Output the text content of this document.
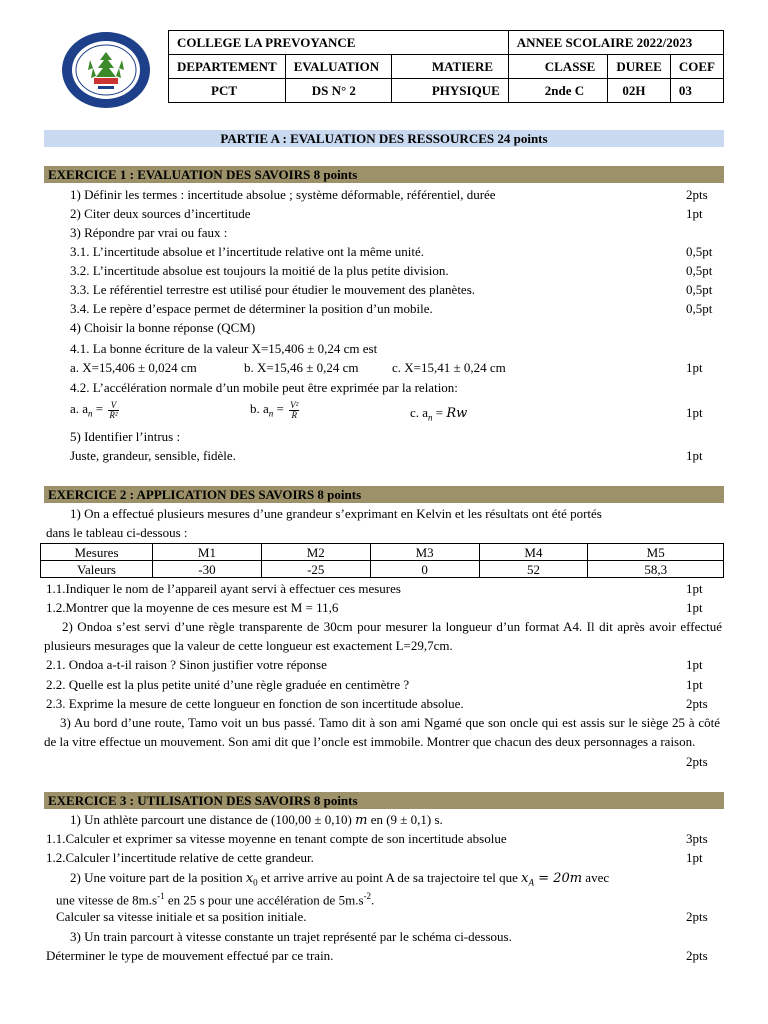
COLLEGE LA PREVOYANCE			ANNEE SCOLAIRE 2022/2023		
DEPARTEMENT	EVALUATION	MATIERE	CLASSE	DUREE	COEF
PCT	DS N° 2	PHYSIQUE	2nde C	02H	03
PARTIE A : EVALUATION DES RESSOURCES 24 points
EXERCICE 1 : EVALUATION DES SAVOIRS 8 points
1) Définir les termes : incertitude absolue ; système déformable, référentiel, durée	2pts
2) Citer deux sources d’incertitude	1pt
3) Répondre par vrai ou faux :
3.1. L’incertitude absolue et l’incertitude relative ont la même unité.	0,5pt
3.2. L’incertitude absolue est toujours la moitié de la plus petite division.	0,5pt
3.3. Le référentiel terrestre est utilisé pour étudier le mouvement des planètes.	0,5pt
3.4. Le repère d’espace permet de déterminer la position d’un mobile.	0,5pt
4) Choisir la bonne réponse (QCM)
4.1. La bonne écriture de la valeur X=15,406 ± 0,24 cm est
a. X=15,406 ± 0,024 cm	b. X=15,46 ± 0,24 cm	c. X=15,41 ± 0,24 cm	1pt
4.2. L’accélération normale d’un mobile peut être exprimée par la relation:
a. $a_n = \frac{V}{\text{R²}}$	b. $a_n = \frac{\text{V²}}{R}$	c. $a_n = Rw$	1pt
5) Identifier l’intrus :
Juste, grandeur, sensible, fidèle.	1pt
EXERCICE 2 : APPLICATION DES SAVOIRS 8 points
1) On a effectué plusieurs mesures d’une grandeur s’exprimant en Kelvin et les résultats ont été portés
dans le tableau ci-dessous :
Mesures	M1	M2	M3	M4	M5
Valeurs	-30	-25	0	52	58,3
1.1.Indiquer le nom de l’appareil ayant servi à effectuer ces mesures	1pt
1.2.Montrer que la moyenne de ces mesure est M = 11,6	1pt
2) Ondoa s’est servi d’une règle transparente de 30cm pour mesurer la longueur d’un format A4. Il dit après avoir effectué plusieurs mesurages que la valeur de cette longueur est exactement L=29,7cm.
2.1. Ondoa a-t-il raison ? Sinon justifier votre réponse	1pt
2.2. Quelle est la plus petite unité d’une règle graduée en centimètre ?	1pt
2.3. Exprime la mesure de cette longueur en fonction de son incertitude absolue.	2pts
3) Au bord d’une route, Tamo voit un bus passé. Tamo dit à son ami Ngamé que son oncle qui est assis sur le siège 25 à côté de la vitre effectue un mouvement. Son ami dit que l’oncle est immobile. Montrer que chacun des deux personnages a raison.
2pts
EXERCICE 3 : UTILISATION DES SAVOIRS 8 points
1) Un athlète parcourt une distance de (100,00 ± 0,10) m en (9 ± 0,1) s.
1.1.Calculer et exprimer sa vitesse moyenne en tenant compte de son incertitude absolue	3pts
1.2.Calculer l’incertitude relative de cette grandeur.	1pt
2) Une voiture part de la position $x_0$ et arrive arrive au point A de sa trajectoire tel que $x_A = 20m$ avec
une vitesse de $8m.s^{-1}$ en 25 s pour une accélération de $5m.s^{-2}$.
Calculer sa vitesse initiale et sa position initiale.	2pts
3) Un train parcourt à vitesse constante un trajet représenté par le schéma ci-dessous.
Déterminer le type de mouvement effectué par ce train.	2pts
